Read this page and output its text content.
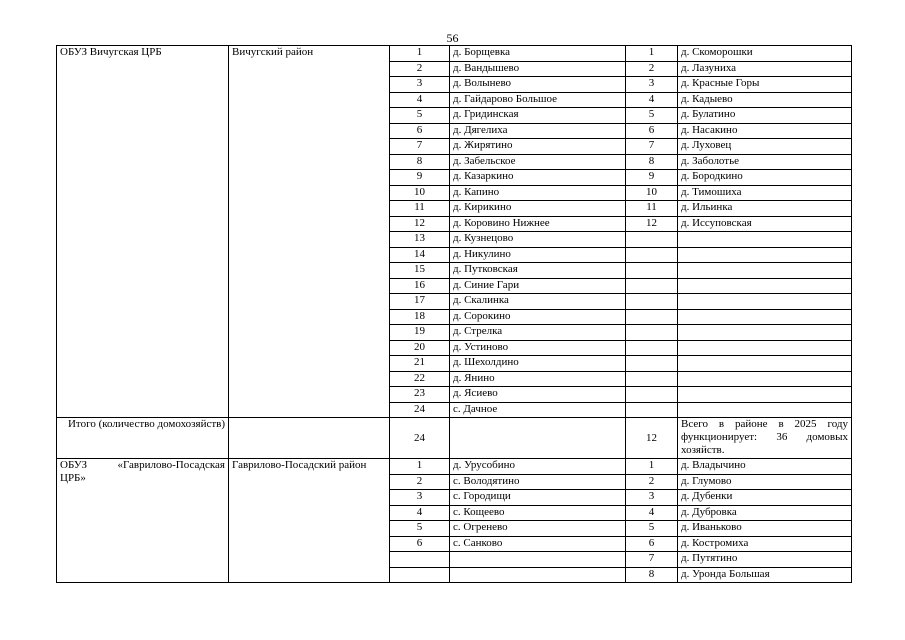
56
ОБУЗ Вичугская ЦРБ	Вичугский район	1	д. Борщевка	1	д. Скоморошки
		2	д. Вандышево	2	д. Лазуниха
		3	д. Волынево	3	д. Красные Горы
		4	д. Гайдарово Большое	4	д. Кадыево
		5	д. Гридинская	5	д. Булатино
		6	д. Дягелиха	6	д. Насакино
		7	д. Жирятино	7	д. Луховец
		8	д. Забельское	8	д. Заболотье
		9	д. Казаркино	9	д. Бородкино
		10	д. Капино	10	д. Тимошиха
		11	д. Кирикино	11	д. Ильинка
		12	д. Коровино Нижнее	12	д. Иссуповская
		13	д. Кузнецово		
		14	д. Никулино		
		15	д. Путковская		
		16	д. Синие Гари		
		17	д. Скалинка		
		18	д. Сорокино		
		19	д. Стрелка		
		20	д. Устиново		
		21	д. Шехолдино		
		22	д. Янино		
		23	д. Ясиево		
		24	с. Дачное		
Итого (количество домохозяйств)		24		12	Всего в районе в 2025 году функционирует: 36 домовых хозяйств.

ОБУЗ «Гаврилово-Посадская
ЦРБ»	Гаврилово-Посадский район	1	д. Урусобино	1	д. Владычино
		2	с. Володятино	2	д. Глумово
		3	с. Городищи	3	д. Дубенки
		4	с. Кощеево	4	д. Дубровка
		5	с. Огренево	5	д. Иваньково
		6	с. Санково	6	д. Костромиха
				7	д. Путятино
				8	д. Уронда Большая
